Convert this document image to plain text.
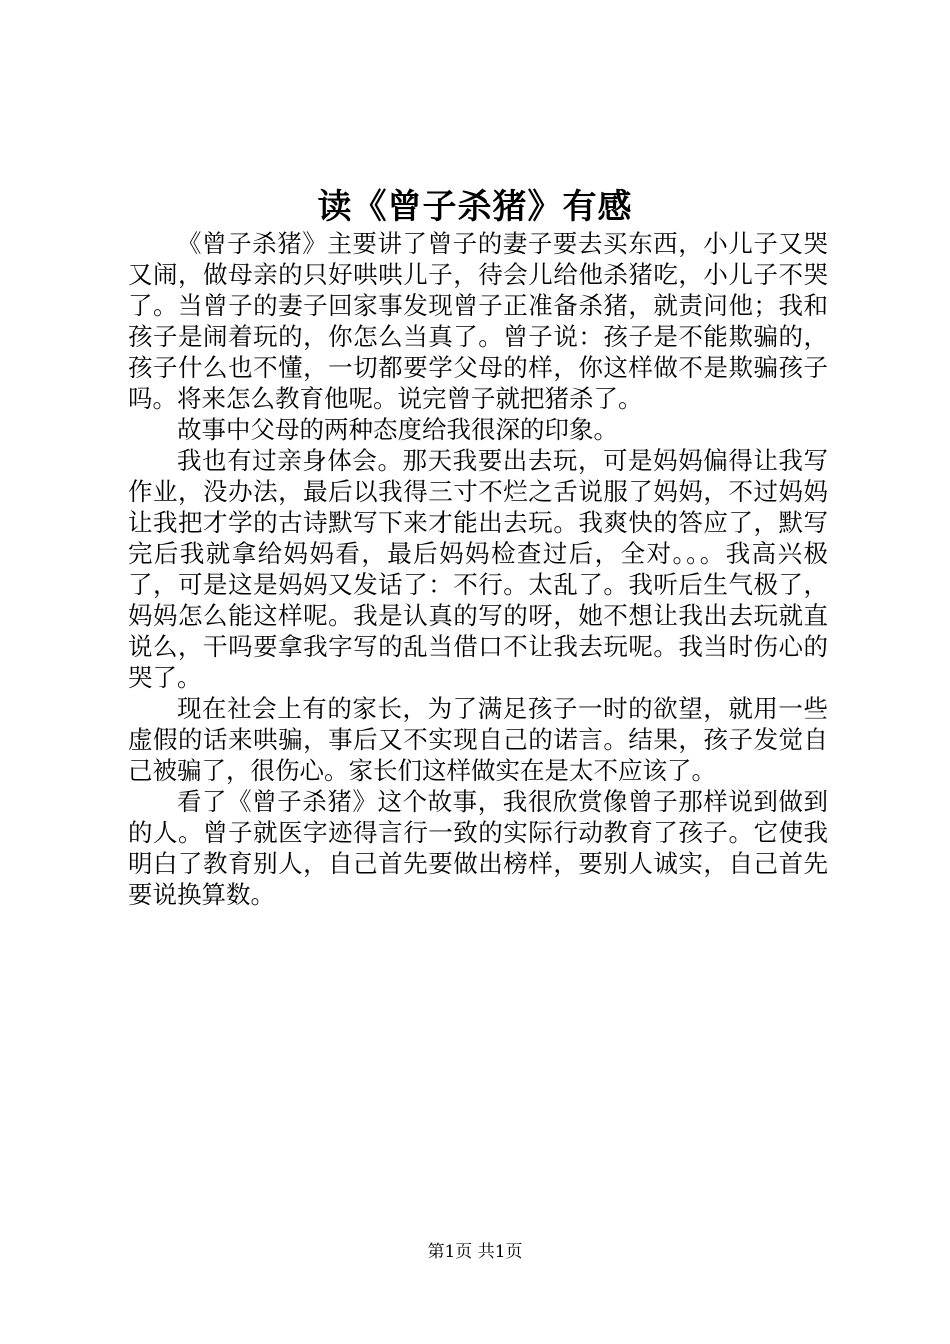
读《曾子杀猪》有感

《曾子杀猪》主要讲了曾子的妻子要去买东西，小儿子又哭又闹，做母亲的只好哄哄儿子，待会儿给他杀猪吃，小儿子不哭了。当曾子的妻子回家事发现曾子正准备杀猪，就责问他；我和孩子是闹着玩的，你怎么当真了。曾子说：孩子是不能欺骗的，孩子什么也不懂，一切都要学父母的样，你这样做不是欺骗孩子吗。将来怎么教育他呢。说完曾子就把猪杀了。

故事中父母的两种态度给我很深的印象。

我也有过亲身体会。那天我要出去玩，可是妈妈偏得让我写作业，没办法，最后以我得三寸不烂之舌说服了妈妈，不过妈妈让我把才学的古诗默写下来才能出去玩。我爽快的答应了，默写完后我就拿给妈妈看，最后妈妈检查过后，全对。。。我高兴极了，可是这是妈妈又发话了：不行。太乱了。我听后生气极了，妈妈怎么能这样呢。我是认真的写的呀，她不想让我出去玩就直说么，干吗要拿我字写的乱当借口不让我去玩呢。我当时伤心的哭了。

现在社会上有的家长，为了满足孩子一时的欲望，就用一些虚假的话来哄骗，事后又不实现自己的诺言。结果，孩子发觉自己被骗了，很伤心。家长们这样做实在是太不应该了。

看了《曾子杀猪》这个故事，我很欣赏像曾子那样说到做到的人。曾子就医字迹得言行一致的实际行动教育了孩子。它使我明白了教育别人，自己首先要做出榜样，要别人诚实，自己首先要说换算数。

第1页 共1页
